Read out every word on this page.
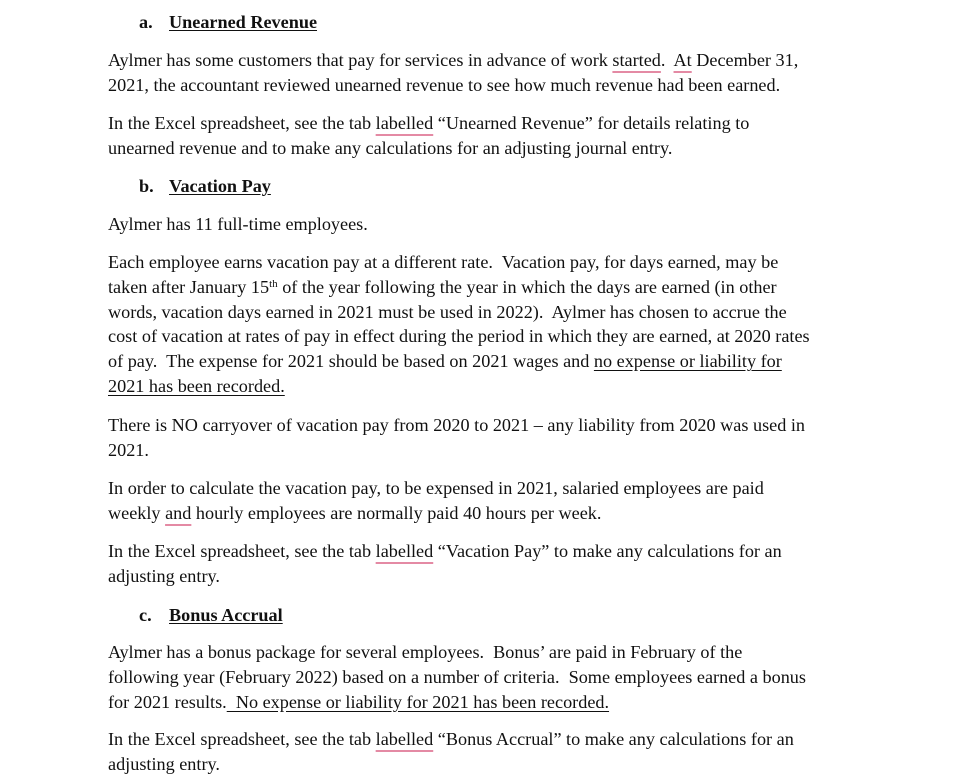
a. Unearned Revenue
Aylmer has some customers that pay for services in advance of work started.  At December 31,
2021, the accountant reviewed unearned revenue to see how much revenue had been earned.
In the Excel spreadsheet, see the tab labelled “Unearned Revenue” for details relating to
unearned revenue and to make any calculations for an adjusting journal entry.
b. Vacation Pay
Aylmer has 11 full-time employees.
Each employee earns vacation pay at a different rate.  Vacation pay, for days earned, may be
taken after January 15th of the year following the year in which the days are earned (in other
words, vacation days earned in 2021 must be used in 2022).  Aylmer has chosen to accrue the
cost of vacation at rates of pay in effect during the period in which they are earned, at 2020 rates
of pay.  The expense for 2021 should be based on 2021 wages and no expense or liability for
2021 has been recorded.
There is NO carryover of vacation pay from 2020 to 2021 – any liability from 2020 was used in
2021.
In order to calculate the vacation pay, to be expensed in 2021, salaried employees are paid
weekly and hourly employees are normally paid 40 hours per week.
In the Excel spreadsheet, see the tab labelled “Vacation Pay” to make any calculations for an
adjusting entry.
c. Bonus Accrual
Aylmer has a bonus package for several employees.  Bonus’ are paid in February of the
following year (February 2022) based on a number of criteria.  Some employees earned a bonus
for 2021 results.  No expense or liability for 2021 has been recorded.
In the Excel spreadsheet, see the tab labelled “Bonus Accrual” to make any calculations for an
adjusting entry.
